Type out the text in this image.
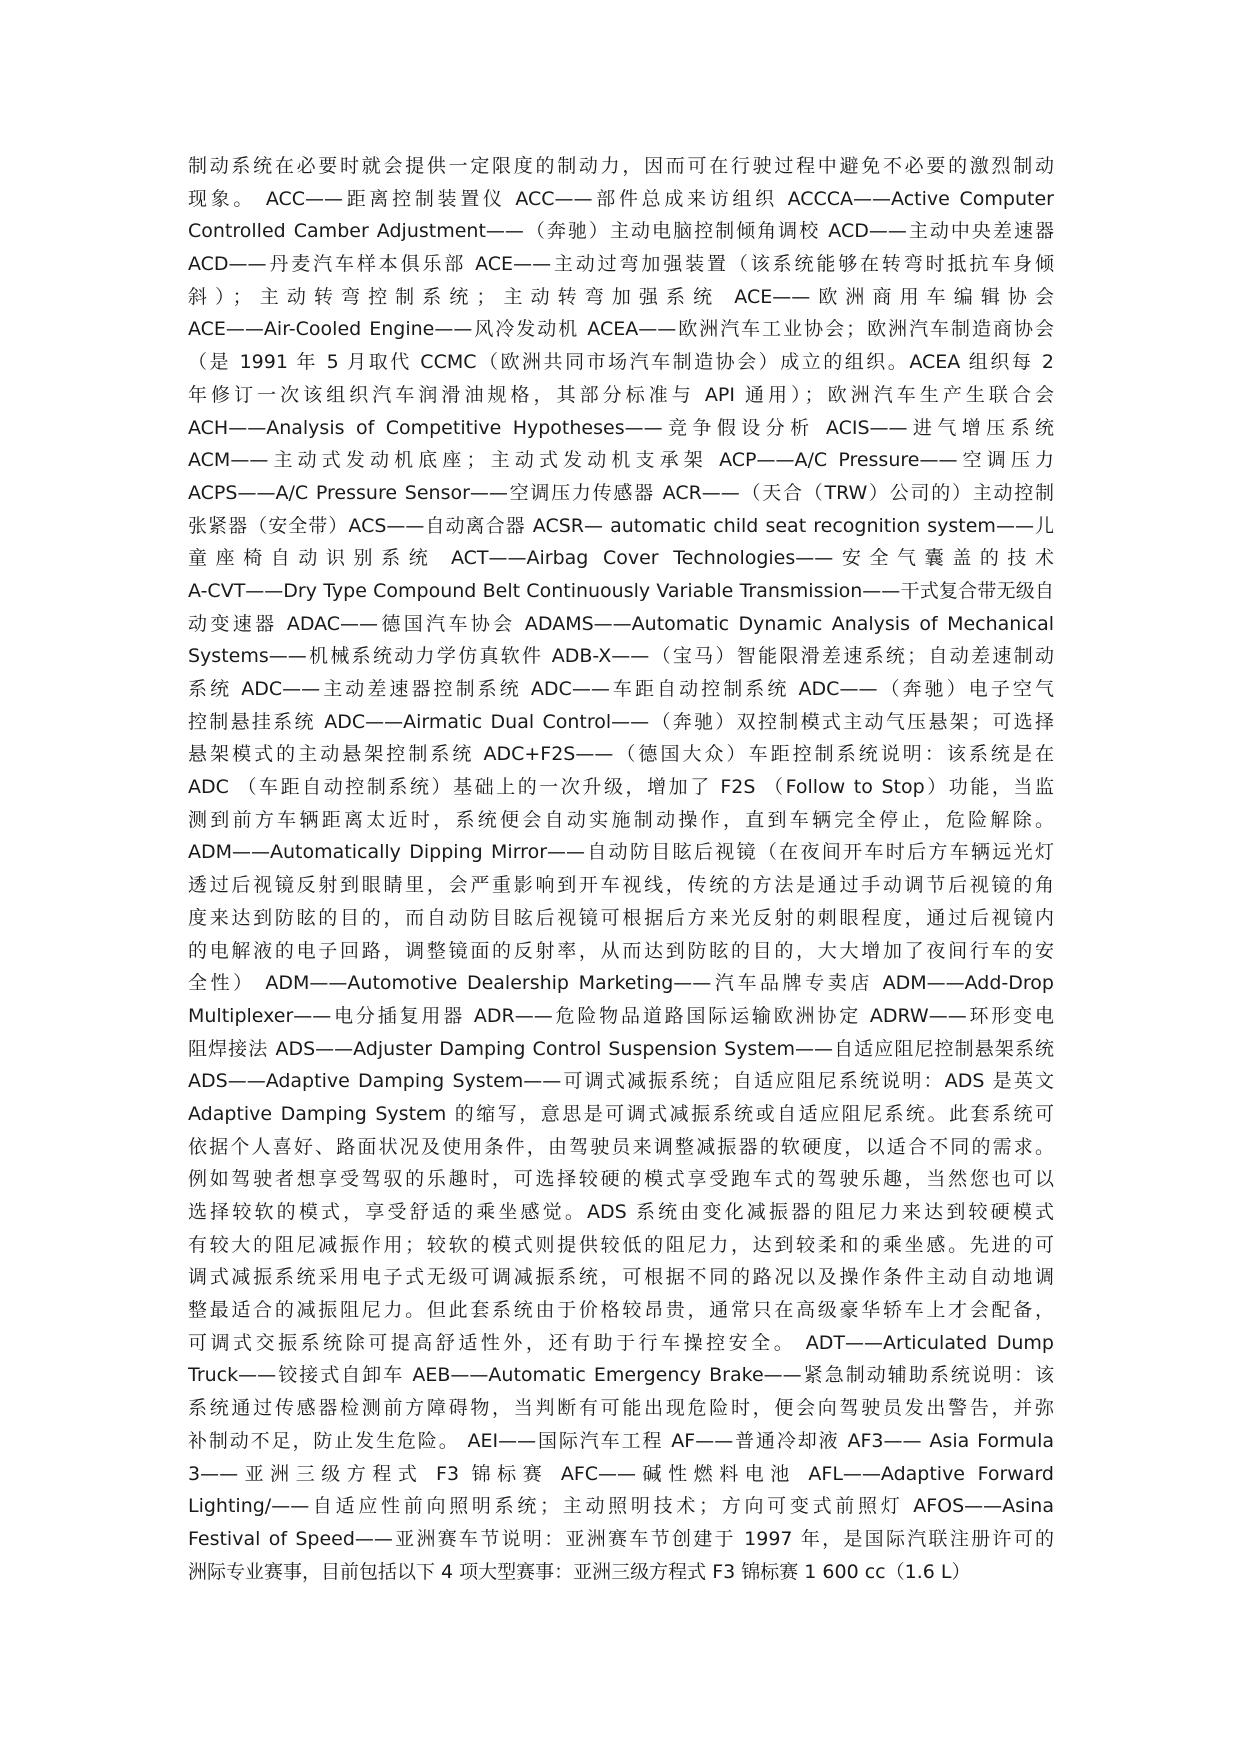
制动系统在必要时就会提供一定限度的制动力，因而可在行驶过程中避免不必要的激烈制动
现象。 ACC——距离控制装置仪 ACC——部件总成来访组织 ACCCA——Active Computer
Controlled Camber Adjustment——（奔驰）主动电脑控制倾角调校 ACD——主动中央差速器
ACD——丹麦汽车样本俱乐部 ACE——主动过弯加强装置（该系统能够在转弯时抵抗车身倾
斜）；主动转弯控制系统；主动转弯加强系统 ACE——欧洲商用车编辑协会
ACE——Air-Cooled Engine——风冷发动机 ACEA——欧洲汽车工业协会；欧洲汽车制造商协会
（是 1991 年 5 月取代 CCMC（欧洲共同市场汽车制造协会）成立的组织。ACEA 组织每 2
年修订一次该组织汽车润滑油规格，其部分标准与 API 通用）；欧洲汽车生产生联合会
ACH——Analysis of Competitive Hypotheses——竞争假设分析 ACIS——进气增压系统
ACM——主动式发动机底座；主动式发动机支承架 ACP——A/C Pressure——空调压力
ACPS——A/C Pressure Sensor——空调压力传感器 ACR——（天合（TRW）公司的）主动控制
张紧器（安全带）ACS——自动离合器 ACSR— automatic child seat recognition system——儿
童座椅自动识别系统 ACT——Airbag Cover Technologies——安全气囊盖的技术
A-CVT——Dry Type Compound Belt Continuously Variable Transmission——干式复合带无级自
动变速器 ADAC——德国汽车协会 ADAMS——Automatic Dynamic Analysis of Mechanical
Systems——机械系统动力学仿真软件 ADB-X——（宝马）智能限滑差速系统；自动差速制动
系统 ADC——主动差速器控制系统 ADC——车距自动控制系统 ADC——（奔驰）电子空气
控制悬挂系统 ADC——Airmatic Dual Control——（奔驰）双控制模式主动气压悬架；可选择
悬架模式的主动悬架控制系统 ADC+F2S——（德国大众）车距控制系统说明：该系统是在
ADC （车距自动控制系统）基础上的一次升级，增加了 F2S （Follow to Stop）功能，当监
测到前方车辆距离太近时，系统便会自动实施制动操作，直到车辆完全停止，危险解除。
ADM——Automatically Dipping Mirror——自动防目眩后视镜（在夜间开车时后方车辆远光灯
透过后视镜反射到眼睛里，会严重影响到开车视线，传统的方法是通过手动调节后视镜的角
度来达到防眩的目的，而自动防目眩后视镜可根据后方来光反射的刺眼程度，通过后视镜内
的电解液的电子回路，调整镜面的反射率，从而达到防眩的目的，大大增加了夜间行车的安
全性） ADM——Automotive Dealership Marketing——汽车品牌专卖店 ADM——Add-Drop
Multiplexer——电分插复用器 ADR——危险物品道路国际运输欧洲协定 ADRW——环形变电
阻焊接法 ADS——Adjuster Damping Control Suspension System——自适应阻尼控制悬架系统
ADS——Adaptive Damping System——可调式减振系统；自适应阻尼系统说明：ADS 是英文
Adaptive Damping System 的缩写，意思是可调式减振系统或自适应阻尼系统。此套系统可
依据个人喜好、路面状况及使用条件，由驾驶员来调整减振器的软硬度，以适合不同的需求。
例如驾驶者想享受驾驭的乐趣时，可选择较硬的模式享受跑车式的驾驶乐趣，当然您也可以
选择较软的模式，享受舒适的乘坐感觉。ADS 系统由变化减振器的阻尼力来达到较硬模式
有较大的阻尼减振作用；较软的模式则提供较低的阻尼力，达到较柔和的乘坐感。先进的可
调式减振系统采用电子式无级可调减振系统，可根据不同的路况以及操作条件主动自动地调
整最适合的减振阻尼力。但此套系统由于价格较昂贵，通常只在高级豪华轿车上才会配备，
可调式交振系统除可提高舒适性外，还有助于行车操控安全。 ADT——Articulated Dump
Truck——铰接式自卸车 AEB——Automatic Emergency Brake——紧急制动辅助系统说明：该
系统通过传感器检测前方障碍物，当判断有可能出现危险时，便会向驾驶员发出警告，并弥
补制动不足，防止发生危险。 AEI——国际汽车工程 AF——普通冷却液 AF3—— Asia Formula
3——亚洲三级方程式 F3 锦标赛 AFC——碱性燃料电池 AFL——Adaptive Forward
Lighting/——自适应性前向照明系统；主动照明技术；方向可变式前照灯 AFOS——Asina
Festival of Speed——亚洲赛车节说明：亚洲赛车节创建于 1997 年，是国际汽联注册许可的
洲际专业赛事，目前包括以下 4 项大型赛事：亚洲三级方程式 F3 锦标赛 1 600 cc（1.6 L）
